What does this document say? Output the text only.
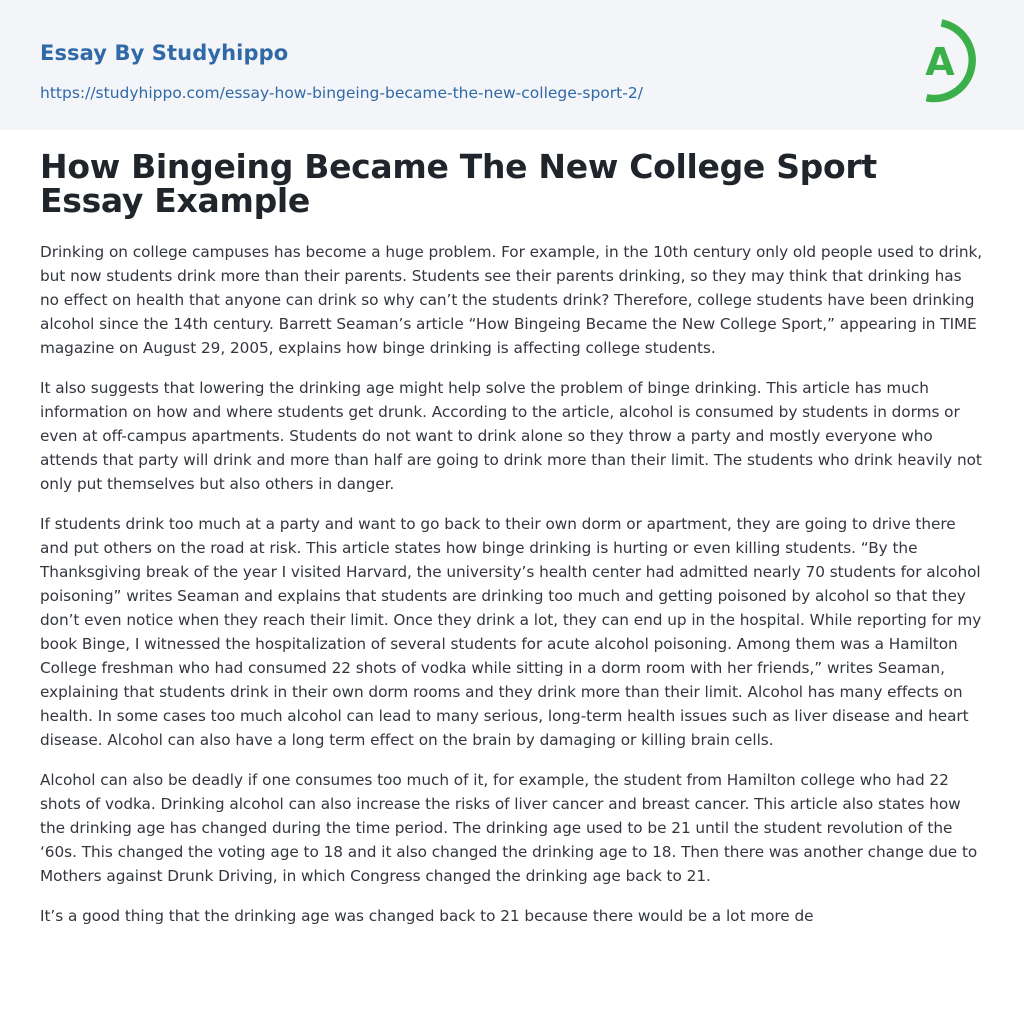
Essay By Studyhippo
https://studyhippo.com/essay-how-bingeing-became-the-new-college-sport-2/
A
How Bingeing Became The New College Sport Essay Example

Drinking on college campuses has become a huge problem. For example, in the 10th century only old people used to drink, but now students drink more than their parents. Students see their parents drinking, so they may think that drinking has no effect on health that anyone can drink so why can’t the students drink? Therefore, college students have been drinking alcohol since the 14th century. Barrett Seaman’s article “How Bingeing Became the New College Sport,” appearing in TIME magazine on August 29, 2005, explains how binge drinking is affecting college students.

It also suggests that lowering the drinking age might help solve the problem of binge drinking. This article has much information on how and where students get drunk. According to the article, alcohol is consumed by students in dorms or even at off-campus apartments. Students do not want to drink alone so they throw a party and mostly everyone who attends that party will drink and more than half are going to drink more than their limit. The students who drink heavily not only put themselves but also others in danger.

If students drink too much at a party and want to go back to their own dorm or apartment, they are going to drive there and put others on the road at risk. This article states how binge drinking is hurting or even killing students. “By the Thanksgiving break of the year I visited Harvard, the university’s health center had admitted nearly 70 students for alcohol poisoning” writes Seaman and explains that students are drinking too much and getting poisoned by alcohol so that they don’t even notice when they reach their limit. Once they drink a lot, they can end up in the hospital. While reporting for my book Binge, I witnessed the hospitalization of several students for acute alcohol poisoning. Among them was a Hamilton College freshman who had consumed 22 shots of vodka while sitting in a dorm room with her friends,” writes Seaman, explaining that students drink in their own dorm rooms and they drink more than their limit. Alcohol has many effects on health. In some cases too much alcohol can lead to many serious, long-term health issues such as liver disease and heart disease. Alcohol can also have a long term effect on the brain by damaging or killing brain cells.

Alcohol can also be deadly if one consumes too much of it, for example, the student from Hamilton college who had 22 shots of vodka. Drinking alcohol can also increase the risks of liver cancer and breast cancer. This article also states how the drinking age has changed during the time period. The drinking age used to be 21 until the student revolution of the ‘60s. This changed the voting age to 18 and it also changed the drinking age to 18. Then there was another change due to Mothers against Drunk Driving, in which Congress changed the drinking age back to 21.

It’s a good thing that the drinking age was changed back to 21 because there would be a lot more de
